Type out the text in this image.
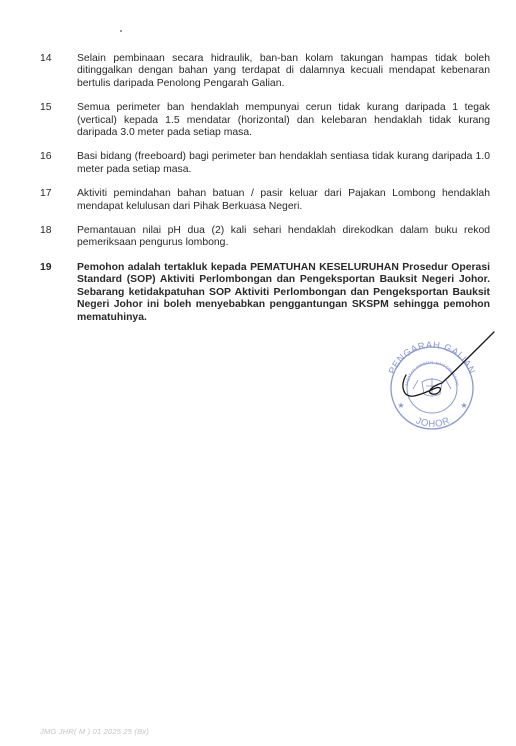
14	Selain pembinaan secara hidraulik, ban-ban kolam takungan hampas tidak boleh ditinggalkan dengan bahan yang terdapat di dalamnya kecuali mendapat kebenaran bertulis daripada Penolong Pengarah Galian.
15	Semua perimeter ban hendaklah mempunyai cerun tidak kurang daripada 1 tegak (vertical) kepada 1.5 mendatar (horizontal) dan kelebaran hendaklah tidak kurang daripada 3.0 meter pada setiap masa.
16	Basi bidang (freeboard) bagi perimeter ban hendaklah sentiasa tidak kurang daripada 1.0 meter pada setiap masa.
17	Aktiviti pemindahan bahan batuan / pasir keluar dari Pajakan Lombong hendaklah mendapat kelulusan dari Pihak Berkuasa Negeri.
18	Pemantauan nilai pH dua (2) kali sehari hendaklah direkodkan dalam buku rekod pemeriksaan pengurus lombong.
19	Pemohon adalah tertakluk kepada PEMATUHAN KESELURUHAN Prosedur Operasi Standard (SOP) Aktiviti Perlombongan dan Pengeksportan Bauksit Negeri Johor. Sebarang ketidakpatuhan SOP Aktiviti Perlombongan dan Pengeksportan Bauksit Negeri Johor ini boleh menyebabkan penggantungan SKSPM sehingga pemohon mematuhinya.
PENGARAH GALIAN
JABATAN MINERAL DAN GEOSAINS
JOHOR
★	★
JMG JHR( M ) 01 2025 25 (Bx)
